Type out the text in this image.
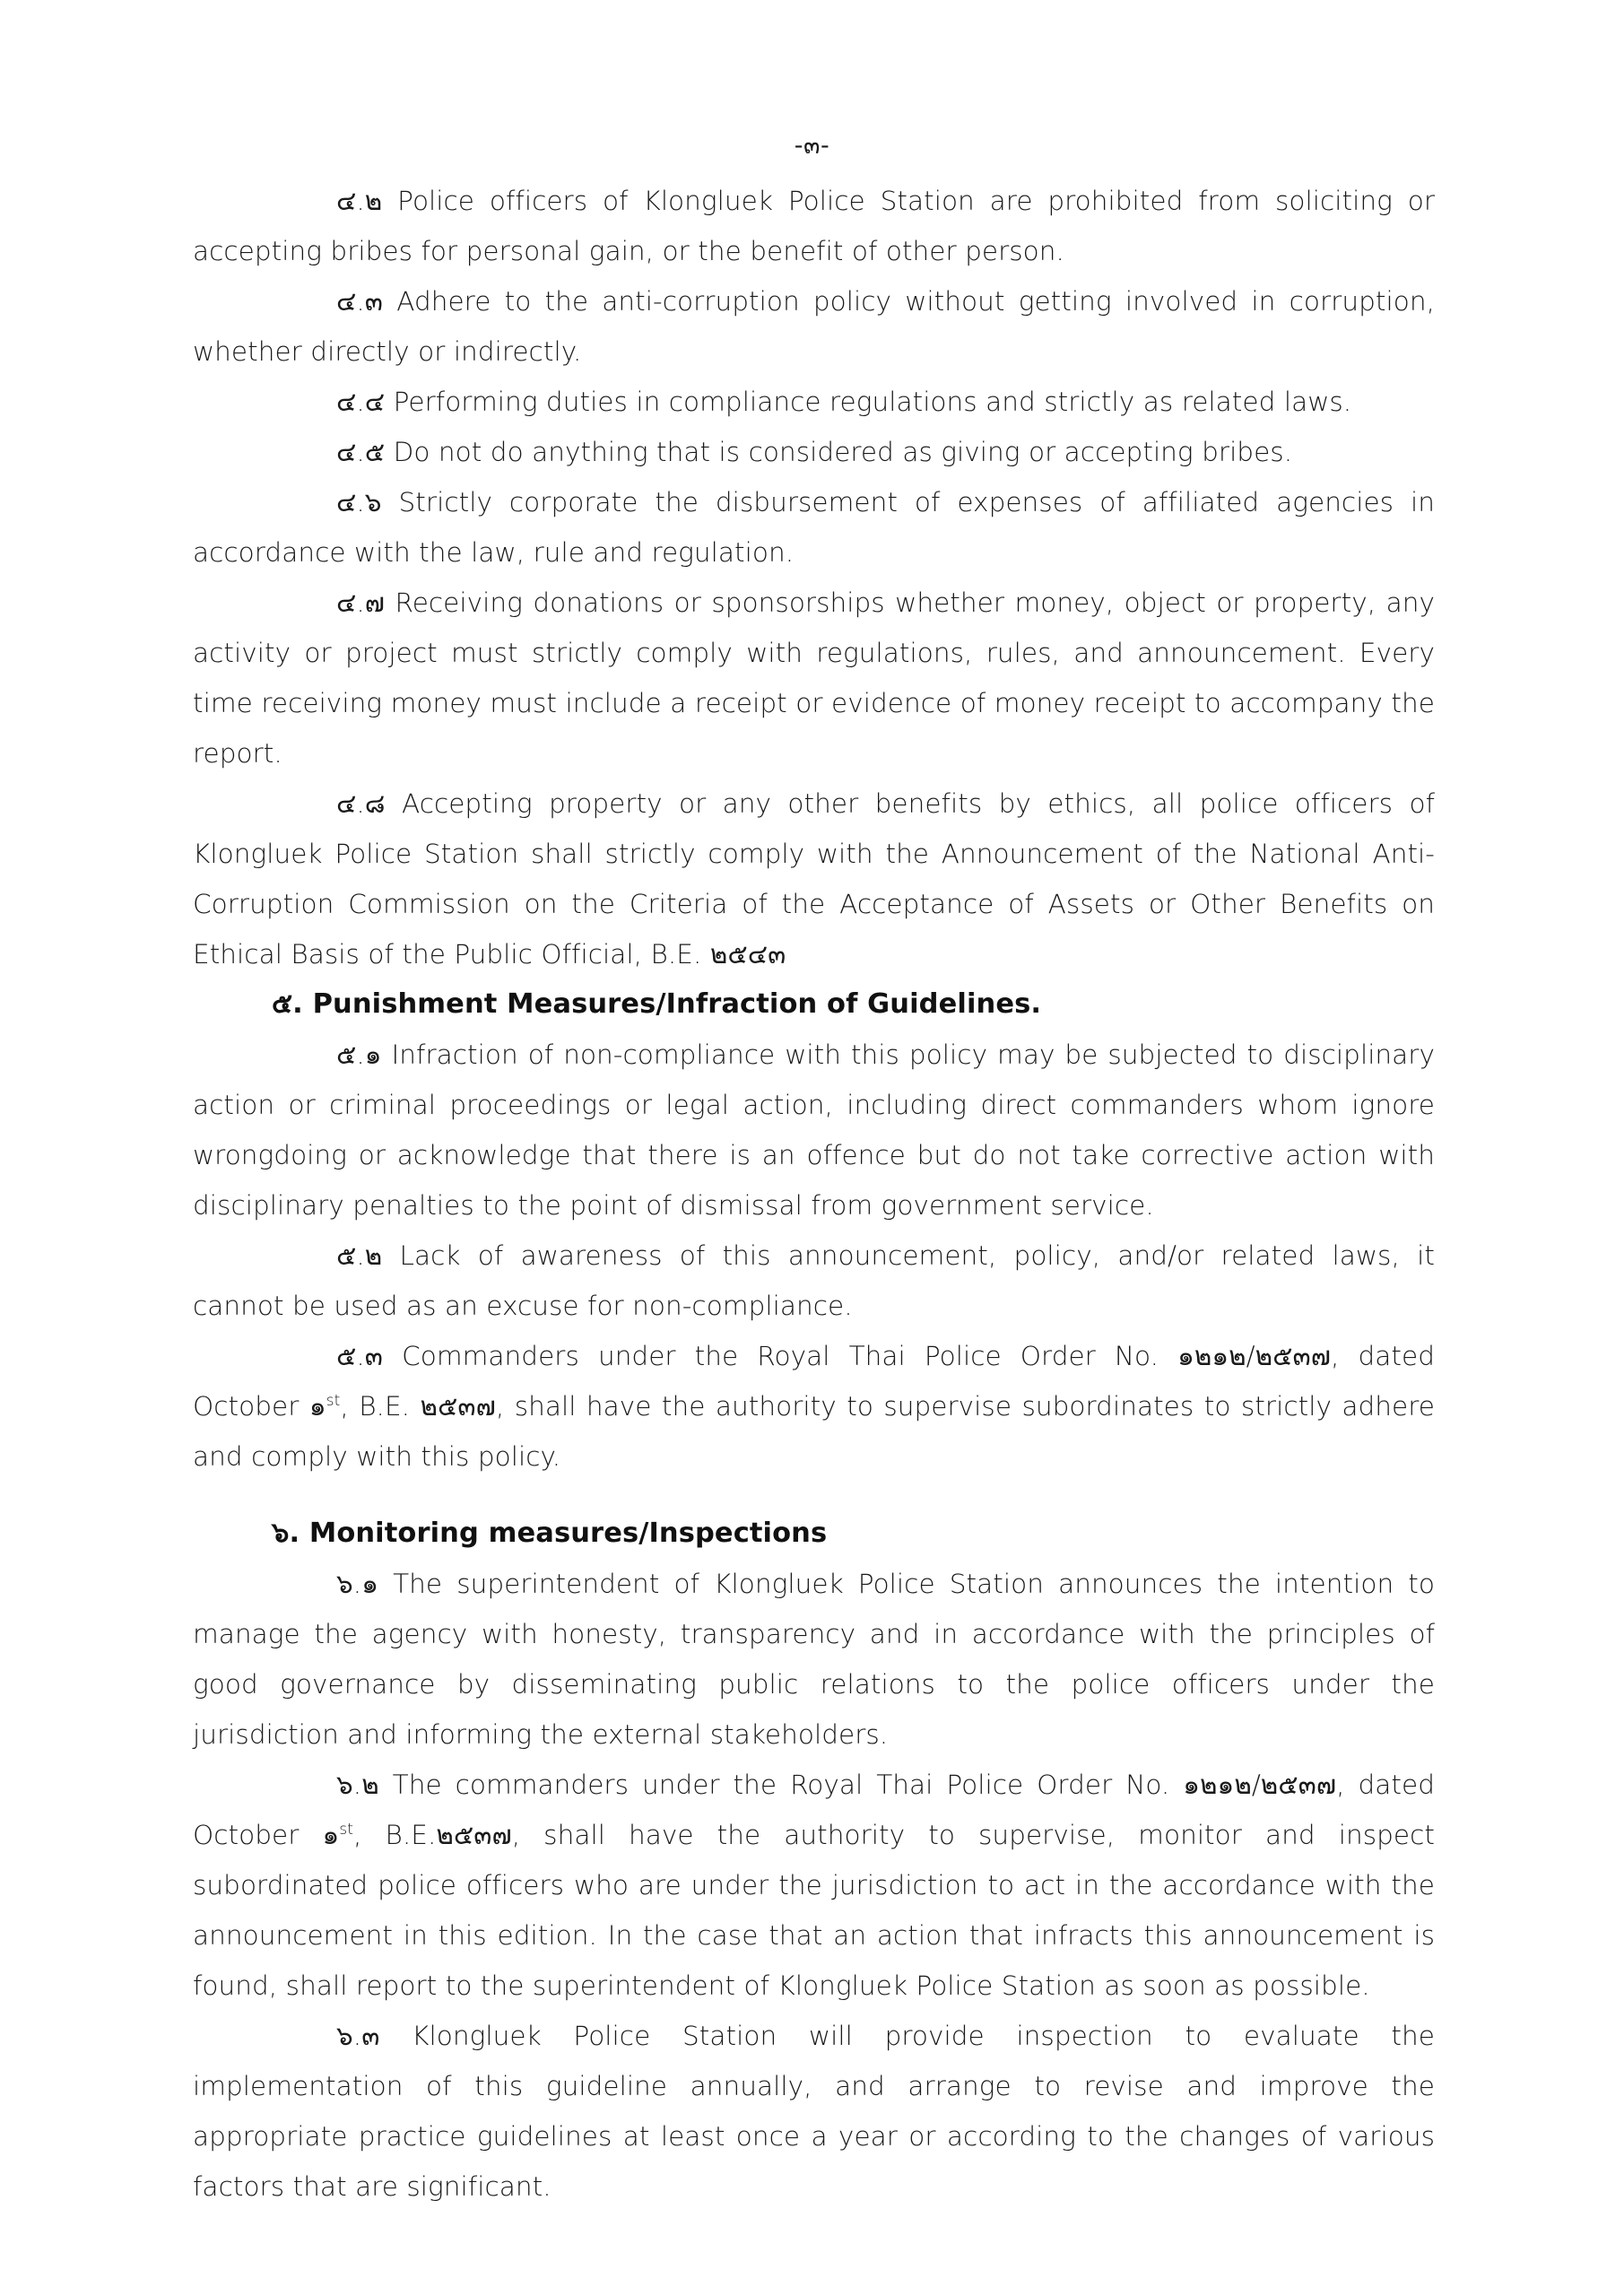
-๓-

๔.๒ Police officers of Klongluek Police Station are prohibited from soliciting or accepting bribes for personal gain, or the benefit of other person.

๔.๓ Adhere to the anti-corruption policy without getting involved in corruption, whether directly or indirectly.

๔.๔ Performing duties in compliance regulations and strictly as related laws.

๔.๕ Do not do anything that is considered as giving or accepting bribes.

๔.๖ Strictly corporate the disbursement of expenses of affiliated agencies in accordance with the law, rule and regulation.

๔.๗ Receiving donations or sponsorships whether money, object or property, any activity or project must strictly comply with regulations, rules, and announcement. Every time receiving money must include a receipt or evidence of money receipt to accompany the report.

๔.๘ Accepting property or any other benefits by ethics, all police officers of Klongluek Police Station shall strictly comply with the Announcement of the National Anti-Corruption Commission on the Criteria of the Acceptance of Assets or Other Benefits on Ethical Basis of the Public Official, B.E. ๒๕๔๓

๕. Punishment Measures/Infraction of Guidelines.

๕.๑ Infraction of non-compliance with this policy may be subjected to disciplinary action or criminal proceedings or legal action, including direct commanders whom ignore wrongdoing or acknowledge that there is an offence but do not take corrective action with disciplinary penalties to the point of dismissal from government service.

๕.๒ Lack of awareness of this announcement, policy, and/or related laws, it cannot be used as an excuse for non-compliance.

๕.๓ Commanders under the Royal Thai Police Order No. ๑๒๑๒/๒๕๓๗, dated October ๑$^{st}$, B.E. ๒๕๓๗, shall have the authority to supervise subordinates to strictly adhere and comply with this policy.

๖. Monitoring measures/Inspections

๖.๑ The superintendent of Klongluek Police Station announces the intention to manage the agency with honesty, transparency and in accordance with the principles of good governance by disseminating public relations to the police officers under the jurisdiction and informing the external stakeholders.

๖.๒ The commanders under the Royal Thai Police Order No. ๑๒๑๒/๒๕๓๗, dated October ๑$^{st}$, B.E.๒๕๓๗, shall have the authority to supervise, monitor and inspect subordinated police officers who are under the jurisdiction to act in the accordance with the announcement in this edition. In the case that an action that infracts this announcement is found, shall report to the superintendent of Klongluek Police Station as soon as possible.

๖.๓ Klongluek Police Station will provide inspection to evaluate the implementation of this guideline annually, and arrange to revise and improve the appropriate practice guidelines at least once a year or according to the changes of various factors that are significant.
